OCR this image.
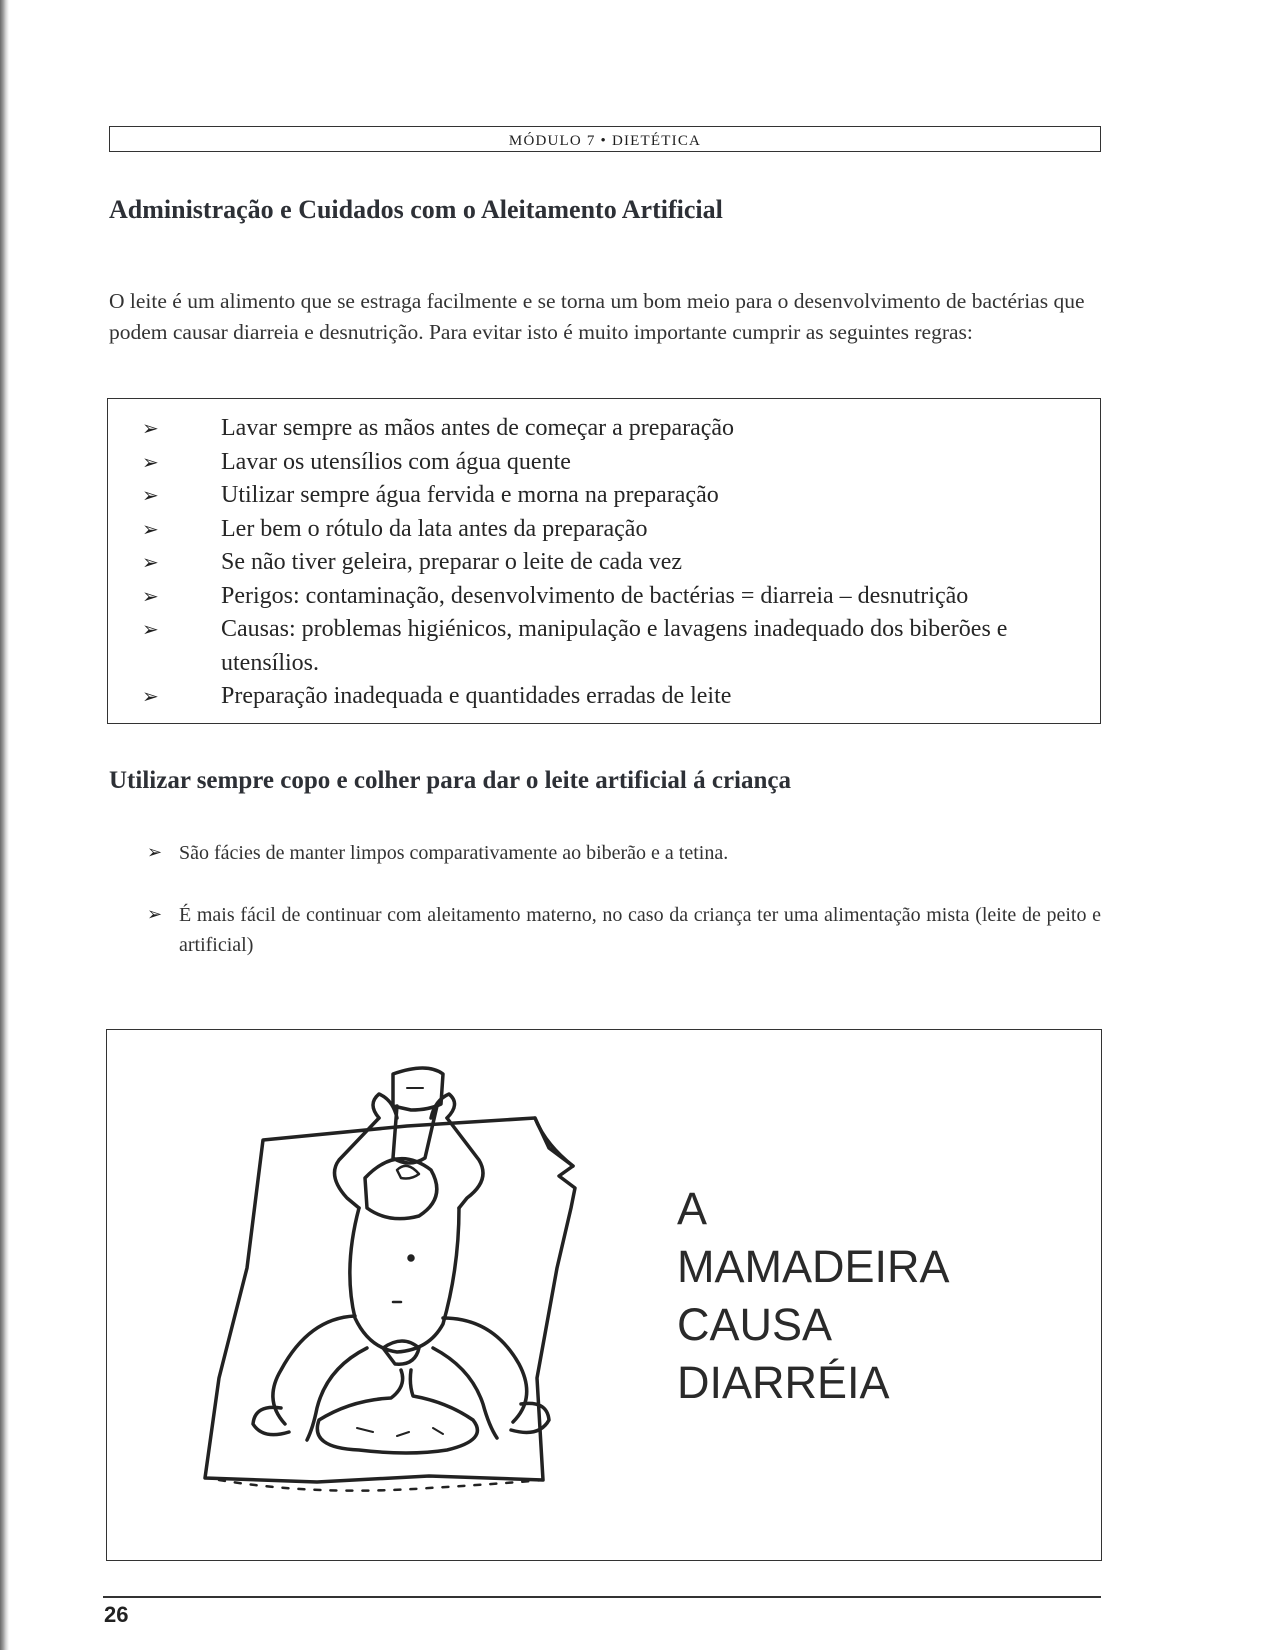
MÓDULO 7 • DIETÉTICA
Administração e Cuidados com o Aleitamento Artificial

O leite é um alimento que se estraga facilmente e se torna um bom meio para o desenvolvimento de bactérias que podem causar diarreia e desnutrição. Para evitar isto é muito importante cumprir as seguintes regras:

➢	Lavar sempre as mãos antes de começar a preparação
➢	Lavar os utensílios com água quente
➢	Utilizar sempre água fervida e morna na preparação
➢	Ler bem o rótulo da lata antes da preparação
➢	Se não tiver geleira, preparar o leite de cada vez
➢	Perigos: contaminação, desenvolvimento de bactérias = diarreia – desnutrição
➢	Causas: problemas higiénicos, manipulação e lavagens inadequado dos biberões e utensílios.
➢	Preparação inadequada e quantidades erradas de leite
Utilizar sempre copo e colher para dar o leite artificial á criança

➢ São fácies de manter limpos comparativamente ao biberão e a tetina.

➢ É mais fácil de continuar com aleitamento materno, no caso da criança ter uma alimentação mista (leite de peito e artificial)

A
MAMADEIRA
CAUSA
DIARRÉIA
26
